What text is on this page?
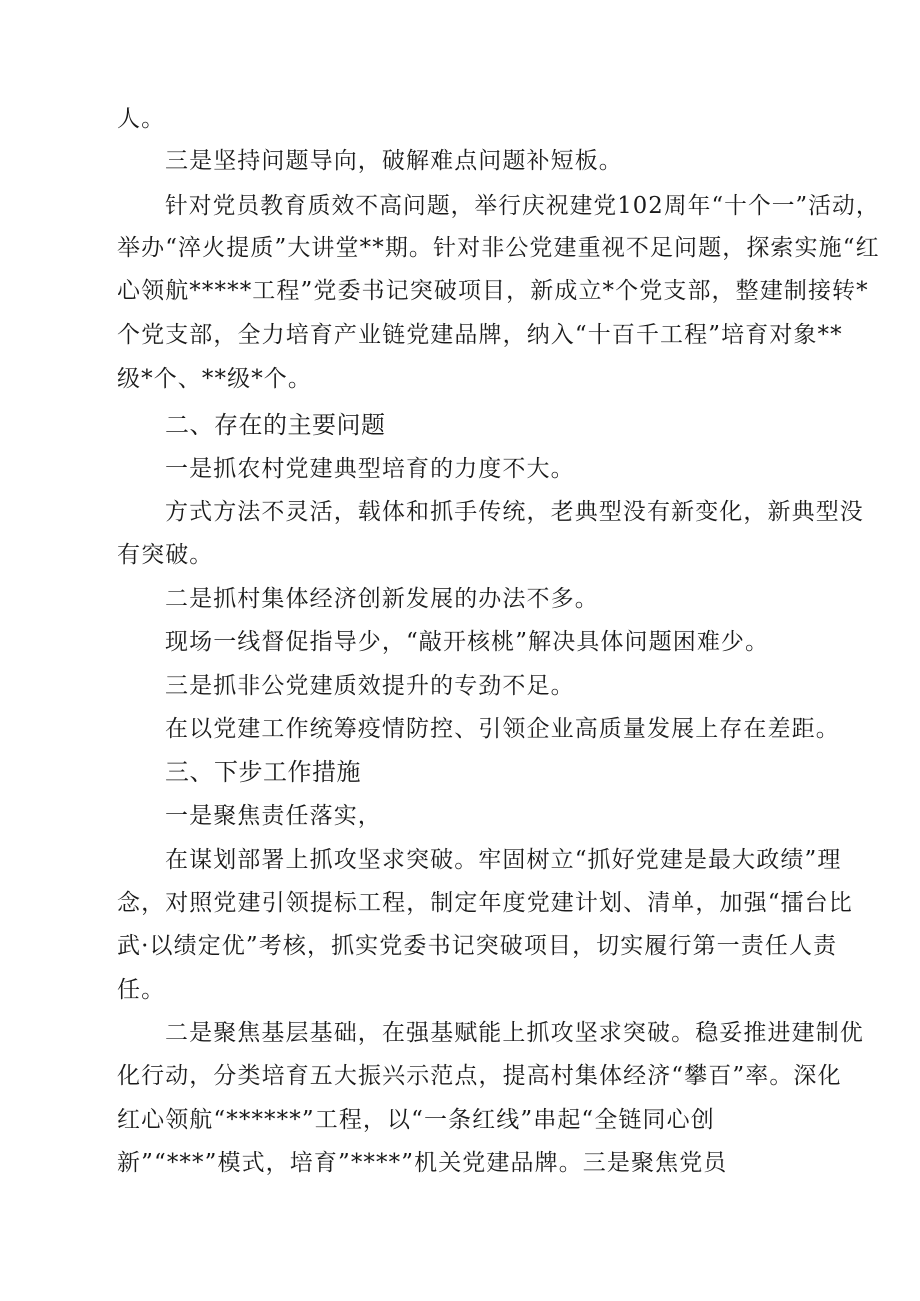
人。
三是坚持问题导向，破解难点问题补短板。
针对党员教育质效不高问题，举行庆祝建党102周年“十个一”活动，
举办“淬火提质”大讲堂**期。针对非公党建重视不足问题，探索实施“红
心领航*****工程”党委书记突破项目，新成立*个党支部，整建制接转*
个党支部，全力培育产业链党建品牌，纳入“十百千工程”培育对象**
级*个、**级*个。
二、存在的主要问题
一是抓农村党建典型培育的力度不大。
方式方法不灵活，载体和抓手传统，老典型没有新变化，新典型没
有突破。
二是抓村集体经济创新发展的办法不多。
现场一线督促指导少，“敲开核桃”解决具体问题困难少。
三是抓非公党建质效提升的专劲不足。
在以党建工作统筹疫情防控、引领企业高质量发展上存在差距。
三、下步工作措施
一是聚焦责任落实，
在谋划部署上抓攻坚求突破。牢固树立“抓好党建是最大政绩”理
念，对照党建引领提标工程，制定年度党建计划、清单，加强“擂台比
武·以绩定优”考核，抓实党委书记突破项目，切实履行第一责任人责
任。
二是聚焦基层基础，在强基赋能上抓攻坚求突破。稳妥推进建制优
化行动，分类培育五大振兴示范点，提高村集体经济“攀百”率。深化
红心领航“******”工程，以“一条红线”串起“全链同心创
新”“***”模式，培育”****”机关党建品牌。三是聚焦党员
